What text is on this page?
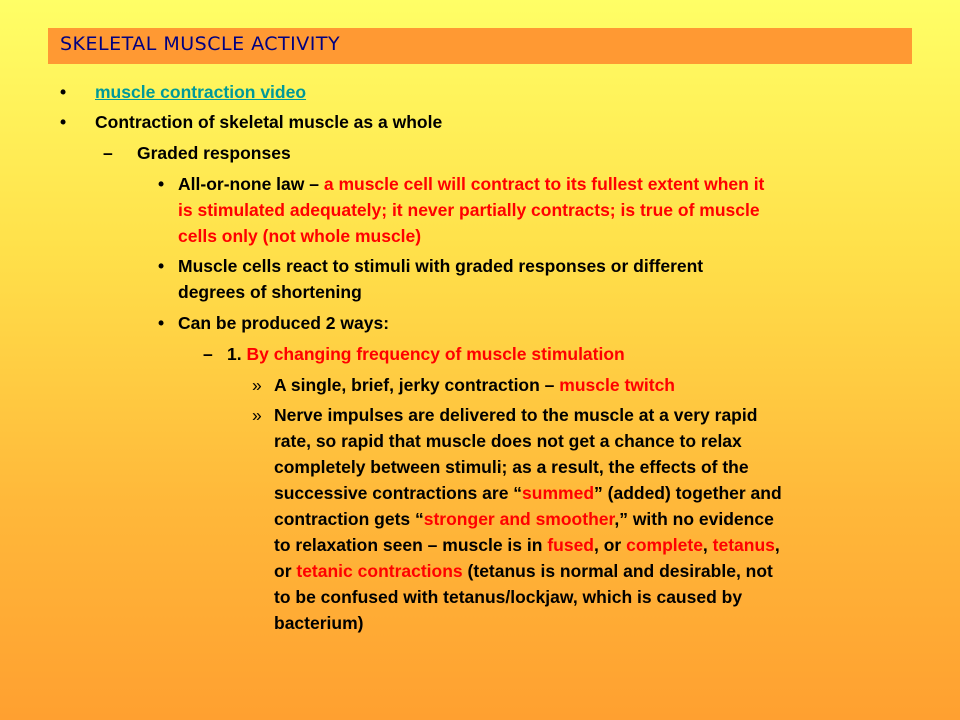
SKELETAL MUSCLE ACTIVITY
• muscle contraction video
• Contraction of skeletal muscle as a whole
– Graded responses
• All-or-none law – a muscle cell will contract to its fullest extent when it
is stimulated adequately; it never partially contracts; is true of muscle
cells only (not whole muscle)
• Muscle cells react to stimuli with graded responses or different
degrees of shortening
• Can be produced 2 ways:
– 1. By changing frequency of muscle stimulation
» A single, brief, jerky contraction – muscle twitch
» Nerve impulses are delivered to the muscle at a very rapid
rate, so rapid that muscle does not get a chance to relax
completely between stimuli; as a result, the effects of the
successive contractions are “summed” (added) together and
contraction gets “stronger and smoother,” with no evidence
to relaxation seen – muscle is in fused, or complete, tetanus,
or tetanic contractions (tetanus is normal and desirable, not
to be confused with tetanus/lockjaw, which is caused by
bacterium)
